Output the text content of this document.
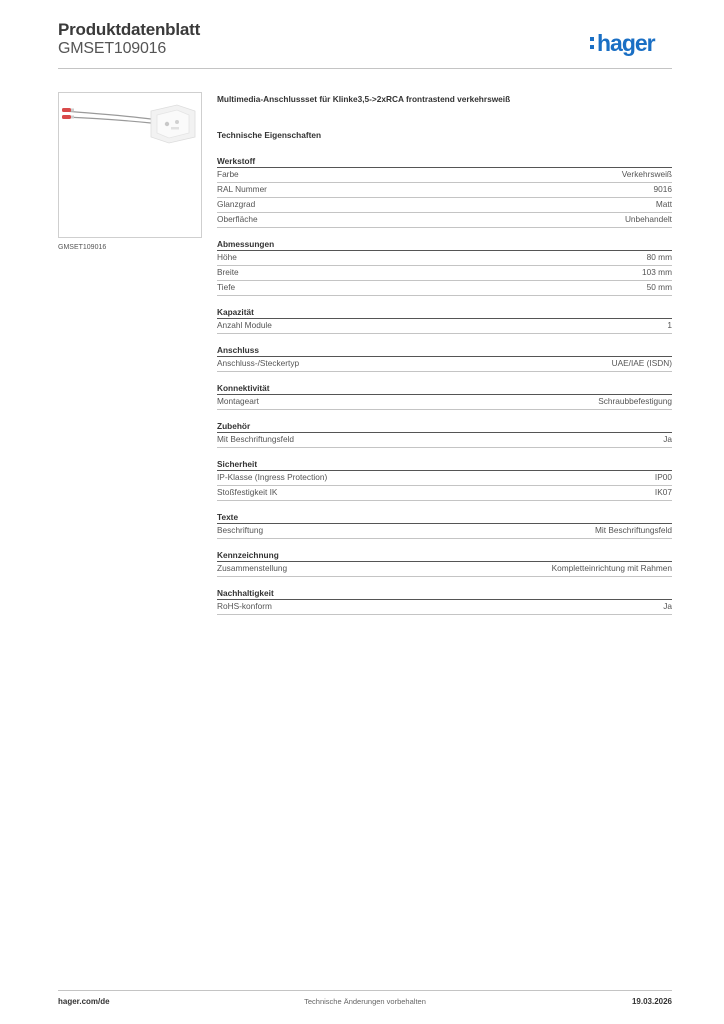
Produktdatenblatt
GMSET109016	hager
GMSET109016
Multimedia-Anschlussset für Klinke3,5->2xRCA frontrastend verkehrsweiß
Technische Eigenschaften
Werkstoff
Farbe	Verkehrsweiß
RAL Nummer	9016
Glanzgrad	Matt
Oberfläche	Unbehandelt
Abmessungen
Höhe	80 mm
Breite	103 mm
Tiefe	50 mm
Kapazität
Anzahl Module	1
Anschluss
Anschluss-/Steckertyp	UAE/IAE (ISDN)
Konnektivität
Montageart	Schraubbefestigung
Zubehör
Mit Beschriftungsfeld	Ja
Sicherheit
IP-Klasse (Ingress Protection)	IP00
Stoßfestigkeit IK	IK07
Texte
Beschriftung	Mit Beschriftungsfeld
Kennzeichnung
Zusammenstellung	Kompletteinrichtung mit Rahmen
Nachhaltigkeit
RoHS-konform	Ja
hager.com/de	Technische Änderungen vorbehalten	19.03.2026
